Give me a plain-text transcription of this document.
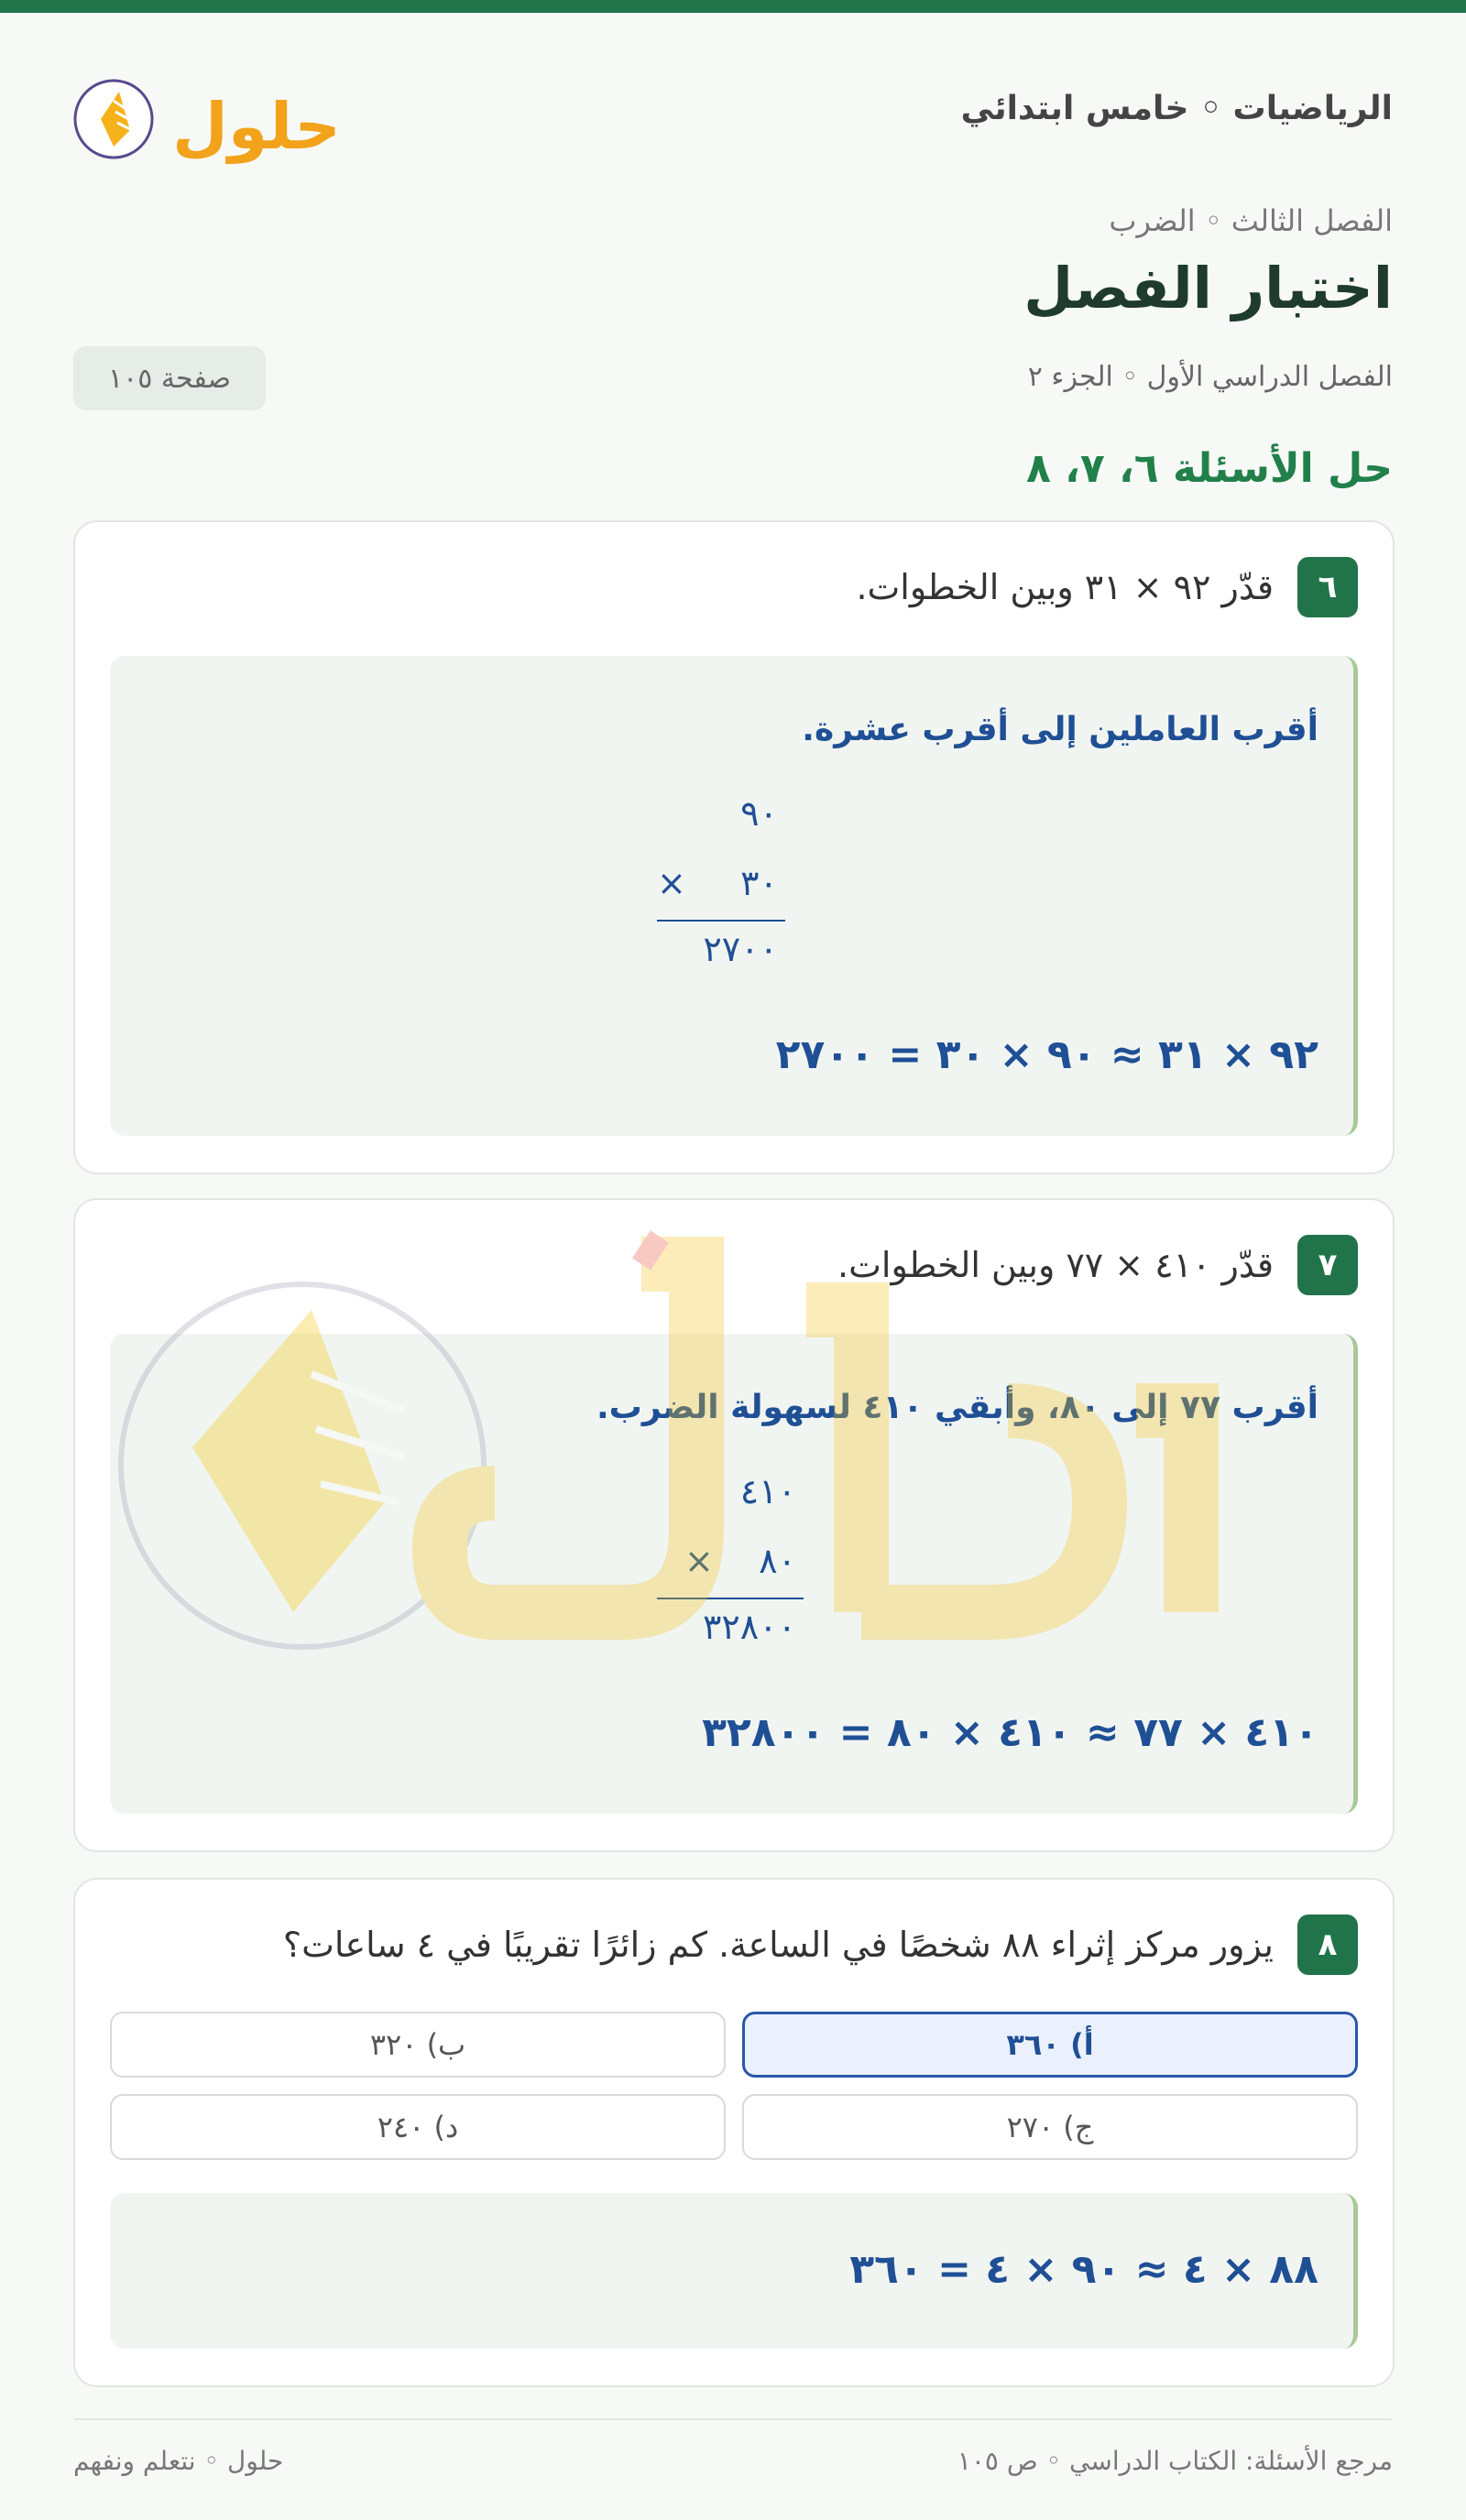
الرياضيات ◦ خامس ابتدائي
حلول
الفصل الثالث ◦ الضرب
اختبار الفصل
الفصل الدراسي الأول ◦ الجزء ٢
صفحة ١٠٥
حل الأسئلة ٦، ٧، ٨
٦
قدّر ٩٢ × ٣١ وبين الخطوات.
أقرب العاملين إلى أقرب عشرة.
٩٠
× ٣٠
٢٧٠٠
٩٢ × ٣١ ≈ ٩٠ × ٣٠ = ٢٧٠٠
٧
قدّر ٤١٠ × ٧٧ وبين الخطوات.
أقرب ٧٧ إلى ٨٠، وأبقي ٤١٠ لسهولة الضرب.
٤١٠
× ٨٠
٣٢٨٠٠
٤١٠ × ٧٧ ≈ ٤١٠ × ٨٠ = ٣٢٨٠٠
٨
يزور مركز إثراء ٨٨ شخصًا في الساعة. كم زائرًا تقريبًا في ٤ ساعات؟
أ) ٣٦٠
ب) ٣٢٠
ج) ٢٧٠
د) ٢٤٠
٨٨ × ٤ ≈ ٩٠ × ٤ = ٣٦٠
مرجع الأسئلة: الكتاب الدراسي ◦ ص ١٠٥
حلول ◦ نتعلم ونفهم
